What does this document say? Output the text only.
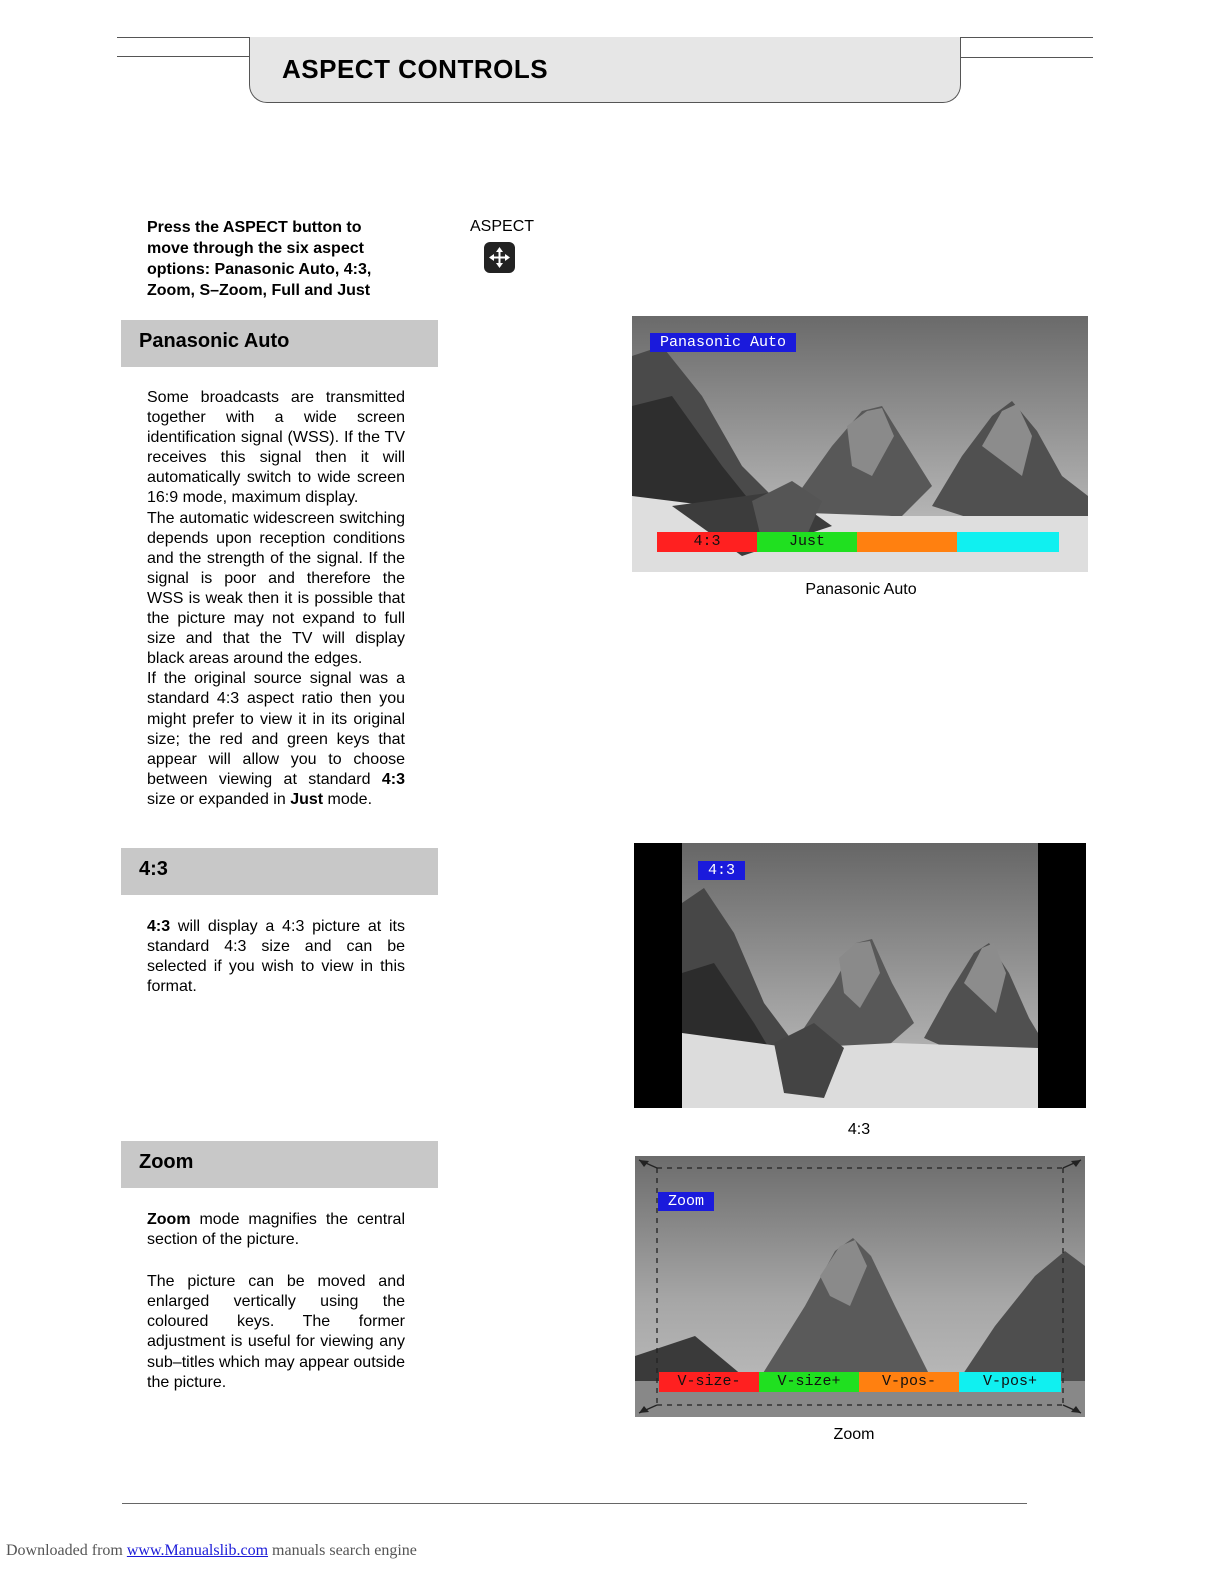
ASPECT CONTROLS
Press the ASPECT button to move through the six aspect options: Panasonic Auto, 4:3, Zoom, S–Zoom, Full and Just
ASPECT
Panasonic Auto

Some broadcasts are transmitted together with a wide screen identification signal (WSS). If the TV receives this signal then it will automatically switch to wide screen 16:9 mode, maximum display.

The automatic widescreen switching depends upon reception conditions and the strength of the signal. If the signal is poor and therefore the WSS is weak then it is possible that the picture may not expand to full size and that the TV will display black areas around the edges.

If the original source signal was a standard 4:3 aspect ratio then you might prefer to view it in its original size; the red and green keys that appear will allow you to choose between viewing at standard 4:3 size or expanded in Just mode.

4:3

4:3 will display a 4:3 picture at its standard 4:3 size and can be selected if you wish to view in this format.

Zoom

Zoom mode magnifies the central section of the picture.

The picture can be moved and enlarged vertically using the coloured keys. The former adjustment is useful for viewing any sub–titles which may appear outside the picture.

Panasonic Auto
4:3	Just
Panasonic Auto
4:3
4:3
Zoom
V-size-	V-size+	V-pos-	V-pos+
Zoom
Downloaded from www.Manualslib.com manuals search engine
